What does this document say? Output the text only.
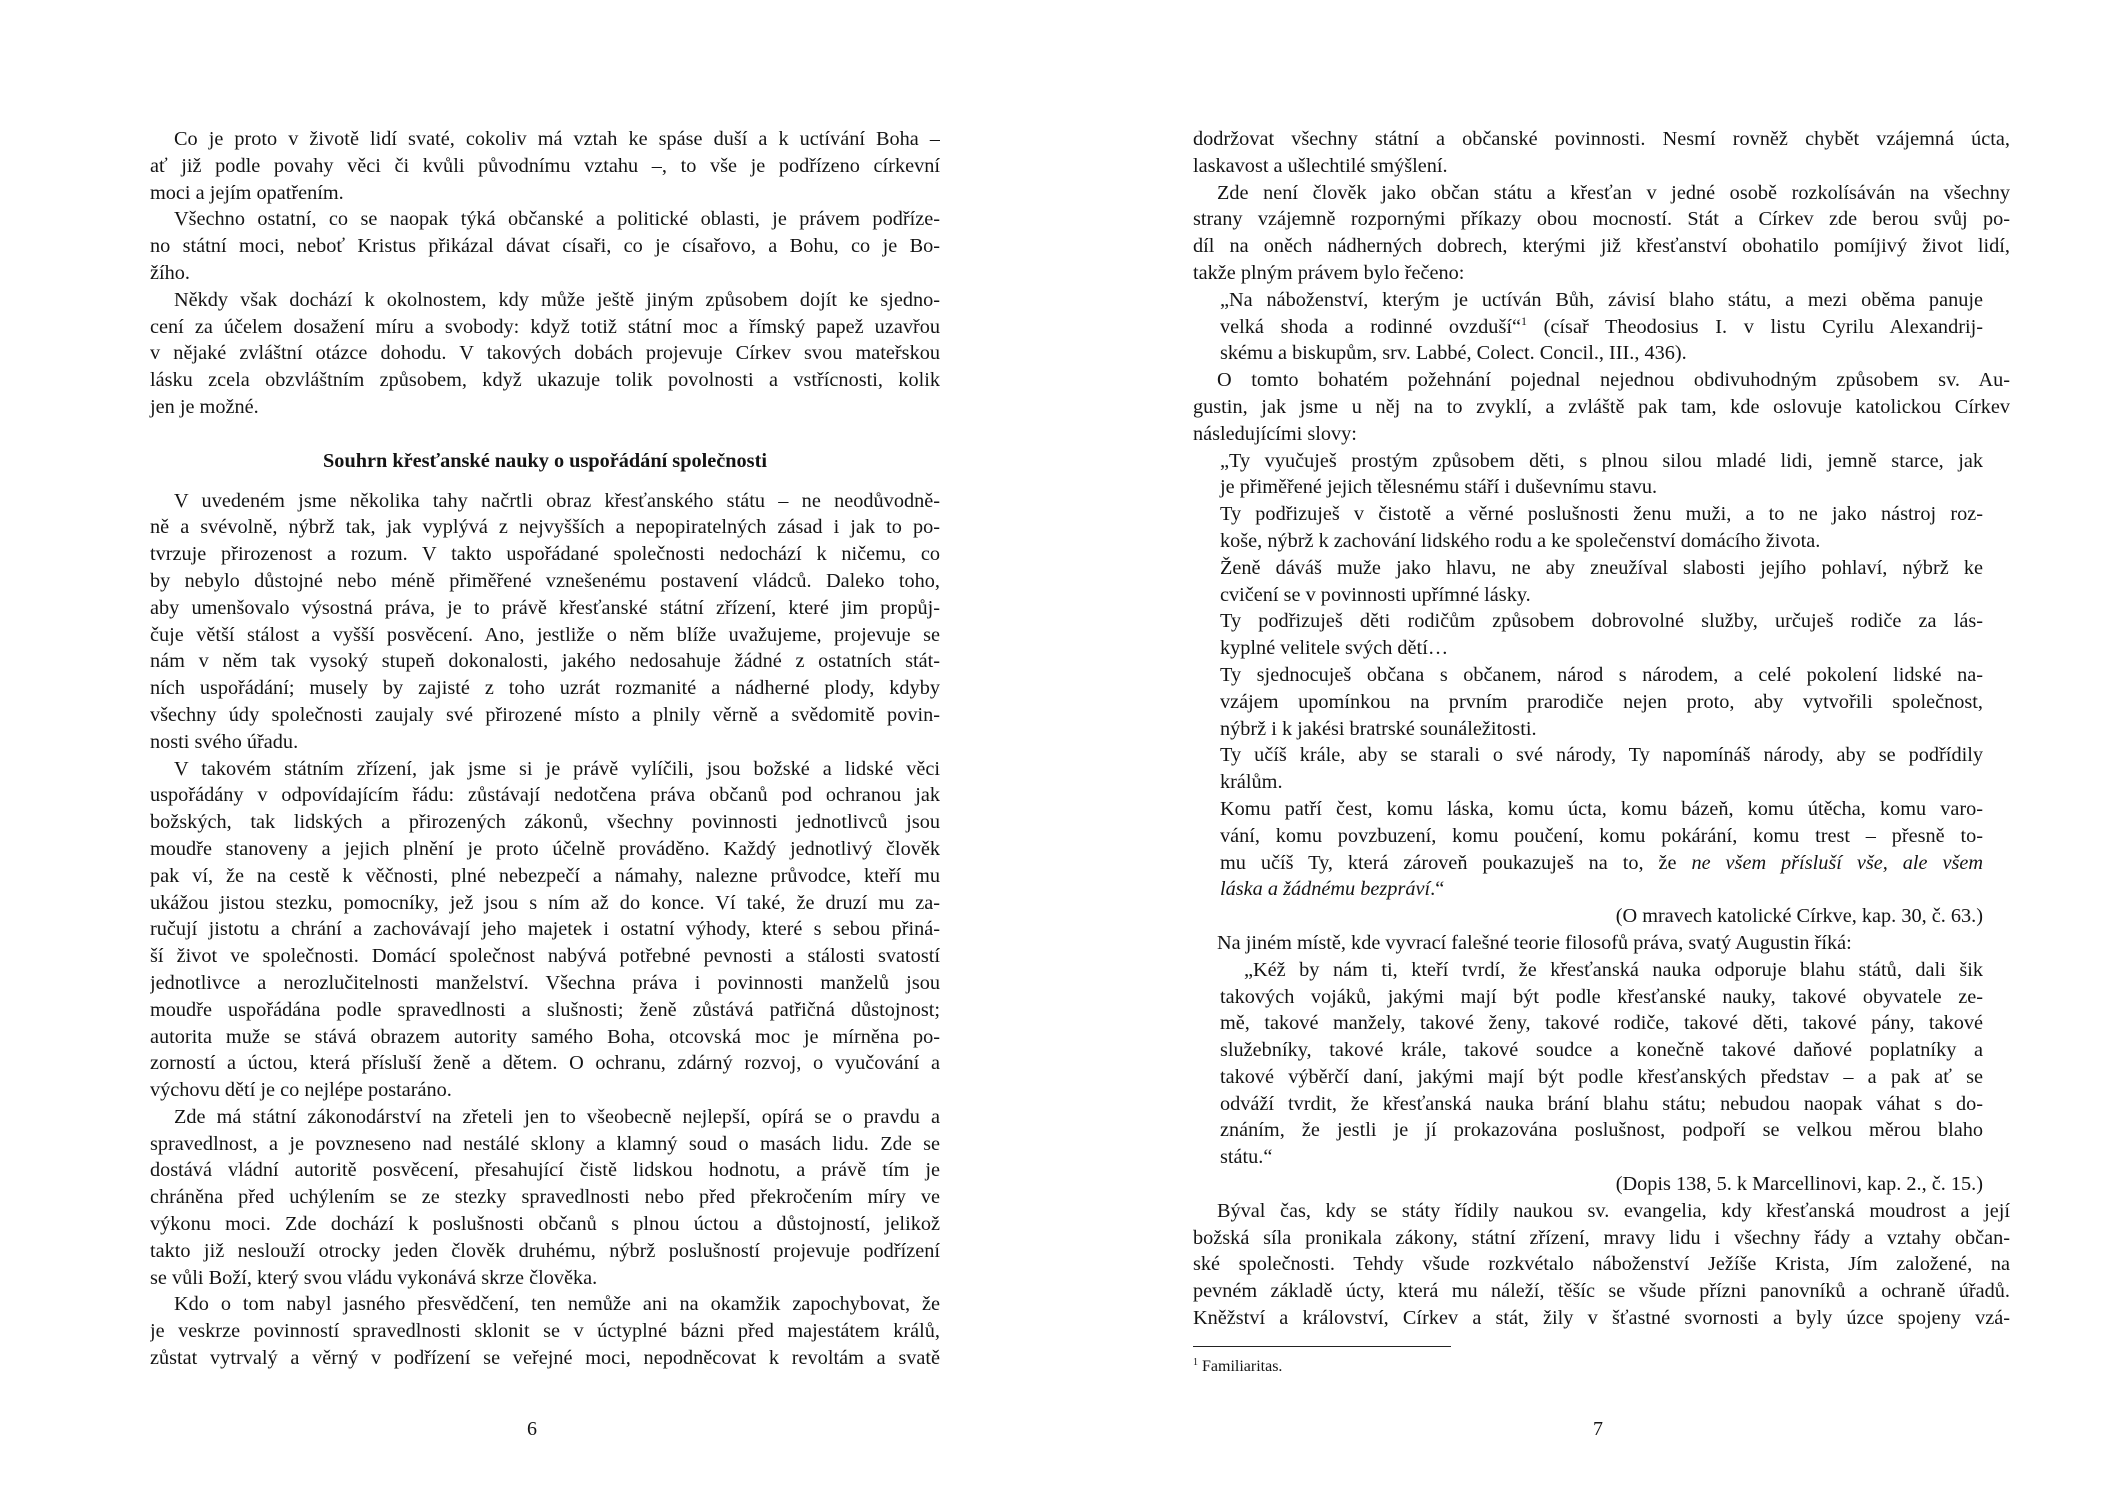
Co je proto v životě lidí svaté, cokoliv má vztah ke spáse duší a k uctívání Boha –
ať již podle povahy věci či kvůli původnímu vztahu –, to vše je podřízeno církevní
moci a jejím opatřením.
Všechno ostatní, co se naopak týká občanské a politické oblasti, je právem podříze-
no státní moci, neboť Kristus přikázal dávat císaři, co je císařovo, a Bohu, co je Bo-
žího.
Někdy však dochází k okolnostem, kdy může ještě jiným způsobem dojít ke sjedno-
cení za účelem dosažení míru a svobody: když totiž státní moc a římský papež uzavřou
v nějaké zvláštní otázce dohodu. V takových dobách projevuje Církev svou mateřskou
lásku zcela obzvláštním způsobem, když ukazuje tolik povolnosti a vstřícnosti, kolik
jen je možné.
Souhrn křesťanské nauky o uspořádání společnosti
V uvedeném jsme několika tahy načrtli obraz křesťanského státu – ne neodůvodně-
ně a svévolně, nýbrž tak, jak vyplývá z nejvyšších a nepopiratelných zásad i jak to po-
tvrzuje přirozenost a rozum. V takto uspořádané společnosti nedochází k ničemu, co
by nebylo důstojné nebo méně přiměřené vznešenému postavení vládců. Daleko toho,
aby umenšovalo výsostná práva, je to právě křesťanské státní zřízení, které jim propůj-
čuje větší stálost a vyšší posvěcení. Ano, jestliže o něm blíže uvažujeme, projevuje se
nám v něm tak vysoký stupeň dokonalosti, jakého nedosahuje žádné z ostatních stát-
ních uspořádání; musely by zajisté z toho uzrát rozmanité a nádherné plody, kdyby
všechny údy společnosti zaujaly své přirozené místo a plnily věrně a svědomitě povin-
nosti svého úřadu.
V takovém státním zřízení, jak jsme si je právě vylíčili, jsou božské a lidské věci
uspořádány v odpovídajícím řádu: zůstávají nedotčena práva občanů pod ochranou jak
božských, tak lidských a přirozených zákonů, všechny povinnosti jednotlivců jsou
moudře stanoveny a jejich plnění je proto účelně prováděno. Každý jednotlivý člověk
pak ví, že na cestě k věčnosti, plné nebezpečí a námahy, nalezne průvodce, kteří mu
ukážou jistou stezku, pomocníky, jež jsou s ním až do konce. Ví také, že druzí mu za-
ručují jistotu a chrání a zachovávají jeho majetek i ostatní výhody, které s sebou přiná-
ší život ve společnosti. Domácí společnost nabývá potřebné pevnosti a stálosti svatostí
jednotlivce a nerozlučitelnosti manželství. Všechna práva i povinnosti manželů jsou
moudře uspořádána podle spravedlnosti a slušnosti; ženě zůstává patřičná důstojnost;
autorita muže se stává obrazem autority samého Boha, otcovská moc je mírněna po-
zorností a úctou, která přísluší ženě a dětem. O ochranu, zdárný rozvoj, o vyučování a
výchovu dětí je co nejlépe postaráno.
Zde má státní zákonodárství na zřeteli jen to všeobecně nejlepší, opírá se o pravdu a
spravedlnost, a je povzneseno nad nestálé sklony a klamný soud o masách lidu. Zde se
dostává vládní autoritě posvěcení, přesahující čistě lidskou hodnotu, a právě tím je
chráněna před uchýlením se ze stezky spravedlnosti nebo před překročením míry ve
výkonu moci. Zde dochází k poslušnosti občanů s plnou úctou a důstojností, jelikož
takto již neslouží otrocky jeden člověk druhému, nýbrž poslušností projevuje podřízení
se vůli Boží, který svou vládu vykonává skrze člověka.
Kdo o tom nabyl jasného přesvědčení, ten nemůže ani na okamžik zapochybovat, že
je veskrze povinností spravedlnosti sklonit se v úctyplné bázni před majestátem králů,
zůstat vytrvalý a věrný v podřízení se veřejné moci, nepodněcovat k revoltám a svatě
6
dodržovat všechny státní a občanské povinnosti. Nesmí rovněž chybět vzájemná úcta,
laskavost a ušlechtilé smýšlení.
Zde není člověk jako občan státu a křesťan v jedné osobě rozkolísáván na všechny
strany vzájemně rozpornými příkazy obou mocností. Stát a Církev zde berou svůj po-
díl na oněch nádherných dobrech, kterými již křesťanství obohatilo pomíjivý život lidí,
takže plným právem bylo řečeno:
„Na náboženství, kterým je uctíván Bůh, závisí blaho státu, a mezi oběma panuje
velká shoda a rodinné ovzduší“$^1$ (císař Theodosius I. v listu Cyrilu Alexandrij-
skému a biskupům, srv. Labbé, Colect. Concil., III., 436).
O tomto bohatém požehnání pojednal nejednou obdivuhodným způsobem sv. Au-
gustin, jak jsme u něj na to zvyklí, a zvláště pak tam, kde oslovuje katolickou Církev
následujícími slovy:
„Ty vyučuješ prostým způsobem děti, s plnou silou mladé lidi, jemně starce, jak
je přiměřené jejich tělesnému stáří i duševnímu stavu.
Ty podřizuješ v čistotě a věrné poslušnosti ženu muži, a to ne jako nástroj roz-
koše, nýbrž k zachování lidského rodu a ke společenství domácího života.
Ženě dáváš muže jako hlavu, ne aby zneužíval slabosti jejího pohlaví, nýbrž ke
cvičení se v povinnosti upřímné lásky.
Ty podřizuješ děti rodičům způsobem dobrovolné služby, určuješ rodiče za lás-
kyplné velitele svých dětí…
Ty sjednocuješ občana s občanem, národ s národem, a celé pokolení lidské na-
vzájem upomínkou na prvním prarodiče nejen proto, aby vytvořili společnost,
nýbrž i k jakési bratrské sounáležitosti.
Ty učíš krále, aby se starali o své národy, Ty napomínáš národy, aby se podřídily
králům.
Komu patří čest, komu láska, komu úcta, komu bázeň, komu útěcha, komu varo-
vání, komu povzbuzení, komu poučení, komu pokárání, komu trest – přesně to-
mu učíš Ty, která zároveň poukazuješ na to, že ne všem přísluší vše, ale všem
láska a žádnému bezpráví.“
(O mravech katolické Církve, kap. 30, č. 63.)
Na jiném místě, kde vyvrací falešné teorie filosofů práva, svatý Augustin říká:
„Kéž by nám ti, kteří tvrdí, že křesťanská nauka odporuje blahu států, dali šik
takových vojáků, jakými mají být podle křesťanské nauky, takové obyvatele ze-
mě, takové manžely, takové ženy, takové rodiče, takové děti, takové pány, takové
služebníky, takové krále, takové soudce a konečně takové daňové poplatníky a
takové výběrčí daní, jakými mají být podle křesťanských představ – a pak ať se
odváží tvrdit, že křesťanská nauka brání blahu státu; nebudou naopak váhat s do-
znáním, že jestli je jí prokazována poslušnost, podpoří se velkou měrou blaho
státu.“
(Dopis 138, 5. k Marcellinovi, kap. 2., č. 15.)
Býval čas, kdy se státy řídily naukou sv. evangelia, kdy křesťanská moudrost a její
božská síla pronikala zákony, státní zřízení, mravy lidu i všechny řády a vztahy občan-
ské společnosti. Tehdy všude rozkvétalo náboženství Ježíše Krista, Jím založené, na
pevném základě úcty, která mu náleží, těšíc se všude přízni panovníků a ochraně úřadů.
Kněžství a království, Církev a stát, žily v šťastné svornosti a byly úzce spojeny vzá-
$^1$ Familiaritas.
7
